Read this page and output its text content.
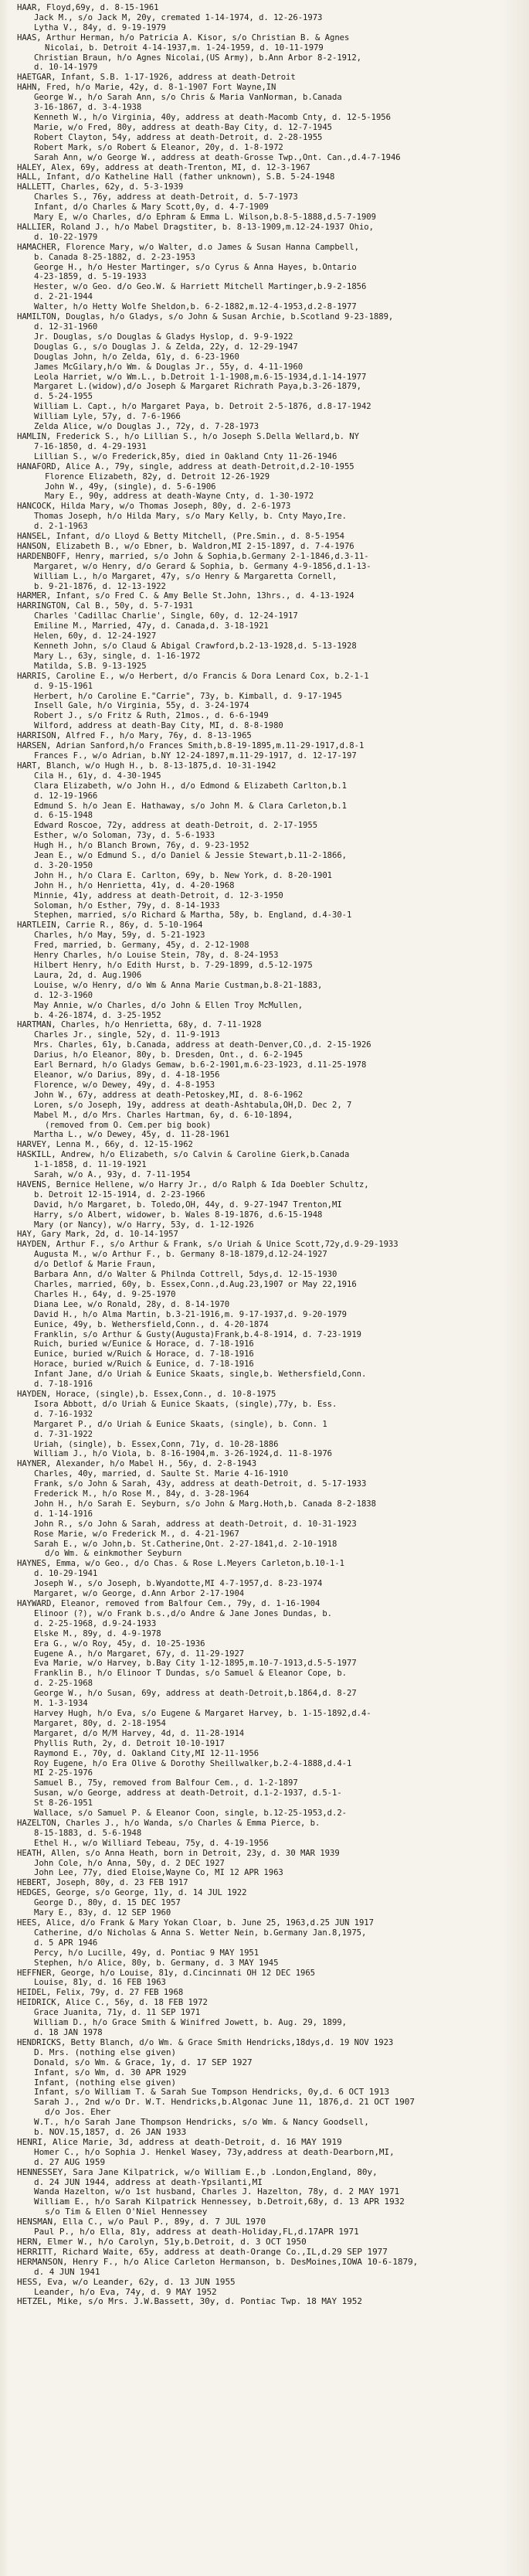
HAAR, Floyd,69y, d. 8-15-1961
Jack M., s/o Jack M, 20y, cremated 1-14-1974, d. 12-26-1973
Lytha V., 84y, d. 9-19-1979
HAAS, Arthur Herman, h/o Patricia A. Kisor, s/o Christian B. & Agnes
Nicolai, b. Detroit 4-14-1937,m. 1-24-1959, d. 10-11-1979
Christian Braun, h/o Agnes Nicolai,(US Army), b.Ann Arbor 8-2-1912,
d. 10-14-1979
HAETGAR, Infant, S.B. 1-17-1926, address at death-Detroit
HAHN, Fred, h/o Marie, 42y, d. 8-1-1907 Fort Wayne,IN
George W., h/o Sarah Ann, s/o Chris & Maria VanNorman, b.Canada
3-16-1867, d. 3-4-1938
Kenneth W., h/o Virginia, 40y, address at death-Macomb Cnty, d. 12-5-1956
Marie, w/o Fred, 80y, address at death-Bay City, d. 12-7-1945
Robert Clayton, 54y, address at death-Detroit, d. 2-28-1955
Robert Mark, s/o Robert & Eleanor, 20y, d. 1-8-1972
Sarah Ann, w/o George W., address at death-Grosse Twp.,Ont. Can.,d.4-7-1946
HALEY, Alex, 69y, address at death-Trenton, MI, d. 12-3-1967
HALL, Infant, d/o Katheline Hall (father unknown), S.B. 5-24-1948
HALLETT, Charles, 62y, d. 5-3-1939
Charles S., 76y, address at death-Detroit, d. 5-7-1973
Infant, d/o Charles & Mary Scott,0y, d. 4-7-1909
Mary E, w/o Charles, d/o Ephram & Emma L. Wilson,b.8-5-1888,d.5-7-1909
HALLIER, Roland J., h/o Mabel Dragstiter, b. 8-13-1909,m.12-24-1937 Ohio,
d. 10-22-1979
HAMACHER, Florence Mary, w/o Walter, d.o James & Susan Hanna Campbell,
b. Canada 8-25-1882, d. 2-23-1953
George H., h/o Hester Martinger, s/o Cyrus & Anna Hayes, b.Ontario
4-23-1859, d. 5-19-1933
Hester, w/o Geo. d/o Geo.W. & Harriett Mitchell Martinger,b.9-2-1856
d. 2-21-1944
Walter, h/o Hetty Wolfe Sheldon,b. 6-2-1882,m.12-4-1953,d.2-8-1977
HAMILTON, Douglas, h/o Gladys, s/o John & Susan Archie, b.Scotland 9-23-1889,
d. 12-31-1960
Jr. Douglas, s/o Douglas & Gladys Hyslop, d. 9-9-1922
Douglas G., s/o Douglas J. & Zelda, 22y, d. 12-29-1947
Douglas John, h/o Zelda, 61y, d. 6-23-1960
James McGilary,h/o Wm. & Douglas Jr., 55y, d. 4-11-1960
Leola Harriet, w/o Wm.L., b.Detroit 1-1-1908,m.6-15-1934,d.1-14-1977
Margaret L.(widow),d/o Joseph & Margaret Richrath Paya,b.3-26-1879,
d. 5-24-1955
William L. Capt., h/o Margaret Paya, b. Detroit 2-5-1876, d.8-17-1942
William Lyle, 57y, d. 7-6-1966
Zelda Alice, w/o Douglas J., 72y, d. 7-28-1973
HAMLIN, Frederick S., h/o Lillian S., h/o Joseph S.Della Wellard,b. NY
7-16-1850, d. 4-29-1931
Lillian S., w/o Frederick,85y, died in Oakland Cnty 11-26-1946
HANAFORD, Alice A., 79y, single, address at death-Detroit,d.2-10-1955
Florence Elizabeth, 82y, d. Detroit 12-26-1929
John W., 49y, (single), d. 5-6-1906
Mary E., 90y, address at death-Wayne Cnty, d. 1-30-1972
HANCOCK, Hilda Mary, w/o Thomas Joseph, 80y, d. 2-6-1973
Thomas Joseph, h/o Hilda Mary, s/o Mary Kelly, b. Cnty Mayo,Ire.
d. 2-1-1963
HANSEL, Infant, d/o Lloyd & Betty Mitchell, (Pre.Smin., d. 8-5-1954
HANSON, Elizabeth B., w/o Ebner, b. Waldron,MI 2-15-1897, d. 7-4-1976
HARDENBOFF, Henry, married, s/o John & Sophia,b.Germany 2-1-1846,d.3-11-
Margaret, w/o Henry, d/o Gerard & Sophia, b. Germany 4-9-1856,d.1-13-
William L., h/o Margaret, 47y, s/o Henry & Margaretta Cornell,
b. 9-21-1876, d. 12-13-1922
HARMER, Infant, s/o Fred C. & Amy Belle St.John, 13hrs., d. 4-13-1924
HARRINGTON, Cal B., 50y, d. 5-7-1931
Charles 'Cadillac Charlie', Single, 60y, d. 12-24-1917
Emiline M., Married, 47y, d. Canada,d. 3-18-1921
Helen, 60y, d. 12-24-1927
Kenneth John, s/o Claud & Abigal Crawford,b.2-13-1928,d. 5-13-1928
Mary L., 63y, single, d. 1-16-1972
Matilda, S.B. 9-13-1925
HARRIS, Caroline E., w/o Herbert, d/o Francis & Dora Lenard Cox, b.2-1-1
d. 9-15-1961
Herbert, h/o Caroline E."Carrie", 73y, b. Kimball, d. 9-17-1945
Insell Gale, h/o Virginia, 55y, d. 3-24-1974
Robert J., s/o Fritz & Ruth, 21mos., d. 6-6-1949
Wilford, address at death-Bay City, MI, d. 8-8-1980
HARRISON, Alfred F., h/o Mary, 76y, d. 8-13-1965
HARSEN, Adrian Sanford,h/o Frances Smith,b.8-19-1895,m.11-29-1917,d.8-1
Frances F., w/o Adrian, b.NY 12-24-1897,m.11-29-1917, d. 12-17-197
HART, Blanch, w/o Hugh H., b. 8-13-1875,d. 10-31-1942
Cila H., 61y, d. 4-30-1945
Clara Elizabeth, w/o John H., d/o Edmond & Elizabeth Carlton,b.1
d. 12-19-1966
Edmund S. h/o Jean E. Hathaway, s/o John M. & Clara Carleton,b.1
d. 6-15-1948
Edward Roscoe, 72y, address at death-Detroit, d. 2-17-1955
Esther, w/o Soloman, 73y, d. 5-6-1933
Hugh H., h/o Blanch Brown, 76y, d. 9-23-1952
Jean E., w/o Edmund S., d/o Daniel & Jessie Stewart,b.11-2-1866,
d. 3-20-1950
John H., h/o Clara E. Carlton, 69y, b. New York, d. 8-20-1901
John H., h/o Henrietta, 41y, d. 4-20-1968
Minnie, 41y, address at death-Detroit, d. 12-3-1950
Soloman, h/o Esther, 79y, d. 8-14-1933
Stephen, married, s/o Richard & Martha, 58y, b. England, d.4-30-1
HARTLEIN, Carrie R., 86y, d. 5-10-1964
Charles, h/o May, 59y, d. 5-21-1923
Fred, married, b. Germany, 45y, d. 2-12-1908
Henry Charles, h/o Louise Stein, 78y, d. 8-24-1953
Hilbert Henry, h/o Edith Hurst, b. 7-29-1899, d.5-12-1975
Laura, 2d, d. Aug.1906
Louise, w/o Henry, d/o Wm & Anna Marie Custman,b.8-21-1883,
d. 12-3-1960
May Annie, w/o Charles, d/o John & Ellen Troy McMullen,
b. 4-26-1874, d. 3-25-1952
HARTMAN, Charles, h/o Henrietta, 68y, d. 7-11-1928
Charles Jr., single, 52y, d. 11-9-1913
Mrs. Charles, 61y, b.Canada, address at death-Denver,CO.,d. 2-15-1926
Darius, h/o Eleanor, 80y, b. Dresden, Ont., d. 6-2-1945
Earl Bernard, h/o Gladys Gemaw, b.6-2-1901,m.6-23-1923, d.11-25-1978
Eleanor, w/o Darius, 89y, d. 4-18-1956
Florence, w/o Dewey, 49y, d. 4-8-1953
John W., 67y, address at death-Petoskey,MI, d. 8-6-1962
Loren, s/o Joseph, 19y, address at death-Ashtabula,OH,D. Dec 2, 7
Mabel M., d/o Mrs. Charles Hartman, 6y, d. 6-10-1894,
(removed from O. Cem.per big book)
Martha L., w/o Dewey, 45y, d. 11-28-1961
HARVEY, Lenna M., 66y, d. 12-15-1962
HASKILL, Andrew, h/o Elizabeth, s/o Calvin & Caroline Gierk,b.Canada
1-1-1858, d. 11-19-1921
Sarah, w/o A., 93y, d. 7-11-1954
HAVENS, Bernice Hellene, w/o Harry Jr., d/o Ralph & Ida Doebler Schultz,
b. Detroit 12-15-1914, d. 2-23-1966
David, h/o Margaret, b. Toledo,OH, 44y, d. 9-27-1947 Trenton,MI
Harry, s/o Albert, widower, b. Wales 8-19-1876, d.6-15-1948
Mary (or Nancy), w/o Harry, 53y, d. 1-12-1926
HAY, Gary Mark, 2d, d. 10-14-1957
HAYDEN, Arthur F., s/o Arthur & Frank, s/o Uriah & Unice Scott,72y,d.9-29-1933
Augusta M., w/o Arthur F., b. Germany 8-18-1879,d.12-24-1927
d/o Detlof & Marie Fraun,
Barbara Ann, d/o Walter & Philnda Cottrell, 5dys,d. 12-15-1930
Charles, married, 60y, b. Essex,Conn.,d.Aug.23,1907 or May 22,1916
Charles H., 64y, d. 9-25-1970
Diana Lee, w/o Ronald, 28y, d. 8-14-1970
David H., h/o Alma Martin, b.3-21-1916,m. 9-17-1937,d. 9-20-1979
Eunice, 49y, b. Wethersfield,Conn., d. 4-20-1874
Franklin, s/o Arthur & Gusty(Augusta)Frank,b.4-8-1914, d. 7-23-1919
Ruich, buried w/Eunice & Horace, d. 7-18-1916
Eunice, buried w/Ruich & Horace, d. 7-18-1916
Horace, buried w/Ruich & Eunice, d. 7-18-1916
Infant Jane, d/o Uriah & Eunice Skaats, single,b. Wethersfield,Conn.
d. 7-18-1916
HAYDEN, Horace, (single),b. Essex,Conn., d. 10-8-1975
Isora Abbott, d/o Uriah & Eunice Skaats, (single),77y, b. Ess.
d. 7-16-1932
Margaret P., d/o Uriah & Eunice Skaats, (single), b. Conn. 1
d. 7-31-1922
Uriah, (single), b. Essex,Conn, 71y, d. 10-28-1886
William J., h/o Viola, b. 8-16-1904,m. 3-26-1924,d. 11-8-1976
HAYNER, Alexander, h/o Mabel H., 56y, d. 2-8-1943
Charles, 40y, married, d. Saulte St. Marie 4-16-1910
Frank, s/o John & Sarah, 43y, address at death-Detroit, d. 5-17-1933
Frederick M., h/o Rose M., 84y, d. 3-28-1964
John H., h/o Sarah E. Seyburn, s/o John & Marg.Hoth,b. Canada 8-2-1838
d. 1-14-1916
John R., s/o John & Sarah, address at death-Detroit, d. 10-31-1923
Rose Marie, w/o Frederick M., d. 4-21-1967
Sarah E., w/o John,b. St.Catherine,Ont. 2-27-1841,d. 2-10-1918
d/o Wm. & einkmother Seyburn
HAYNES, Emma, w/o Geo., d/o Chas. & Rose L.Meyers Carleton,b.10-1-1
d. 10-29-1941
Joseph W., s/o Joseph, b.Wyandotte,MI 4-7-1957,d. 8-23-1974
Margaret, w/o George, d.Ann Arbor 2-17-1904
HAYWARD, Eleanor, removed from Balfour Cem., 79y, d. 1-16-1904
Elinoor (?), w/o Frank b.s.,d/o Andre & Jane Jones Dundas, b.
d. 2-25-1968, d.9-24-1933
Elske M., 89y, d. 4-9-1978
Era G., w/o Roy, 45y, d. 10-25-1936
Eugene A., h/o Margaret, 67y, d. 11-29-1927
Eva Marie, w/o Harvey, b.Bay City 1-12-1895,m.10-7-1913,d.5-5-1977
Franklin B., h/o Elinoor T Dundas, s/o Samuel & Eleanor Cope, b.
d. 2-25-1968
George W., h/o Susan, 69y, address at death-Detroit,b.1864,d. 8-27
M. 1-3-1934
Harvey Hugh, h/o Eva, s/o Eugene & Margaret Harvey, b. 1-15-1892,d.4-
Margaret, 80y, d. 2-18-1954
Margaret, d/o M/M Harvey, 4d, d. 11-28-1914
Phyllis Ruth, 2y, d. Detroit 10-10-1917
Raymond E., 70y, d. Oakland City,MI 12-11-1956
Roy Eugene, h/o Era Olive & Dorothy Sheillwalker,b.2-4-1888,d.4-1
MI 2-25-1976
Samuel B., 75y, removed from Balfour Cem., d. 1-2-1897
Susan, w/o George, address at death-Detroit, d.1-2-1937, d.5-1-
St 8-26-1951
Wallace, s/o Samuel P. & Eleanor Coon, single, b.12-25-1953,d.2-
HAZELTON, Charles J., h/o Wanda, s/o Charles & Emma Pierce, b.
8-15-1883, d. 5-6-1948
Ethel H., w/o Williard Tebeau, 75y, d. 4-19-1956
HEATH, Allen, s/o Anna Heath, born in Detroit, 23y, d. 30 MAR 1939
John Cole, h/o Anna, 50y, d. 2 DEC 1927
John Lee, 77y, died Eloise,Wayne Co, MI 12 APR 1963
HEBERT, Joseph, 80y, d. 23 FEB 1917
HEDGES, George, s/o George, 11y, d. 14 JUL 1922
George D., 80y, d. 15 DEC 1957
Mary E., 83y, d. 12 SEP 1960
HEES, Alice, d/o Frank & Mary Yokan Cloar, b. June 25, 1963,d.25 JUN 1917
Catherine, d/o Nicholas & Anna S. Wetter Nein, b.Germany Jan.8,1975,
d. 5 APR 1946
Percy, h/o Lucille, 49y, d. Pontiac 9 MAY 1951
Stephen, h/o Alice, 80y, b. Germany, d. 3 MAY 1945
HEFFNER, George, h/o Louise, 81y, d.Cincinnati OH 12 DEC 1965
Louise, 81y, d. 16 FEB 1963
HEIDEL, Felix, 79y, d. 27 FEB 1968
HEIDRICK, Alice C., 56y, d. 18 FEB 1972
Grace Juanita, 71y, d. 11 SEP 1971
William D., h/o Grace Smith & Winifred Jowett, b. Aug. 29, 1899,
d. 18 JAN 1978
HENDRICKS, Betty Blanch, d/o Wm. & Grace Smith Hendricks,18dys,d. 19 NOV 1923
D. Mrs. (nothing else given)
Donald, s/o Wm. & Grace, 1y, d. 17 SEP 1927
Infant, s/o Wm, d. 30 APR 1929
Infant, (nothing else given)
Infant, s/o William T. & Sarah Sue Tompson Hendricks, 0y,d. 6 OCT 1913
Sarah J., 2nd w/o Dr. W.T. Hendricks,b.Algonac June 11, 1876,d. 21 OCT 1907
d/o Jos. Eher
W.T., h/o Sarah Jane Thompson Hendricks, s/o Wm. & Nancy Goodsell,
b. NOV.15,1857, d. 26 JAN 1933
HENRI, Alice Marie, 3d, address at death-Detroit, d. 16 MAY 1919
Homer C., h/o Sophia J. Henkel Wasey, 73y,address at death-Dearborn,MI,
d. 27 AUG 1959
HENNESSEY, Sara Jane Kilpatrick, w/o William E.,b .London,England, 80y,
d. 24 JUN 1944, address at death-Ypsilanti,MI
Wanda Hazelton, w/o 1st husband, Charles J. Hazelton, 78y, d. 2 MAY 1971
William E., h/o Sarah Kilpatrick Hennessey, b.Detroit,68y, d. 13 APR 1932
s/o Tim & Ellen O'Niel Hennessey
HENSMAN, Ella C., w/o Paul P., 89y, d. 7 JUL 1970
Paul P., h/o Ella, 81y, address at death-Holiday,FL,d.17APR 1971
HERN, Elmer W., h/o Carolyn, 51y,b.Detroit, d. 3 OCT 1950
HERRITT, Richard Waite, 65y, address at death-Orange Co.,IL,d.29 SEP 1977
HERMANSON, Henry F., h/o Alice Carleton Hermanson, b. DesMoines,IOWA 10-6-1879,
d. 4 JUN 1941
HESS, Eva, w/o Leander, 62y, d. 13 JUN 1955
Leander, h/o Eva, 74y, d. 9 MAY 1952
HETZEL, Mike, s/o Mrs. J.W.Bassett, 30y, d. Pontiac Twp. 18 MAY 1952
